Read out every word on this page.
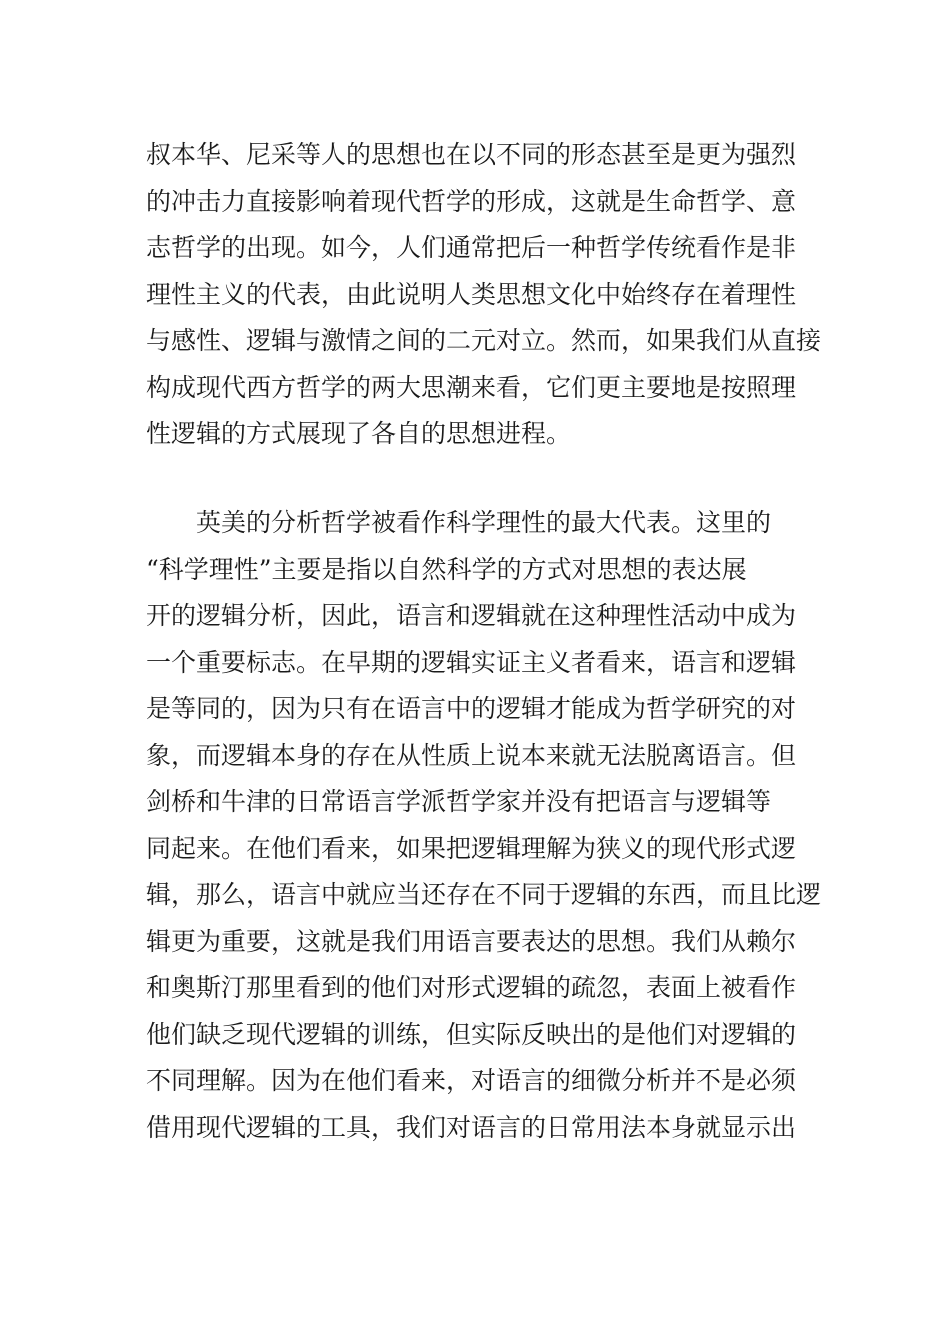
叔本华、尼采等人的思想也在以不同的形态甚至是更为强烈
的冲击力直接影响着现代哲学的形成，这就是生命哲学、意
志哲学的出现。如今，人们通常把后一种哲学传统看作是非
理性主义的代表，由此说明人类思想文化中始终存在着理性
与感性、逻辑与激情之间的二元对立。然而，如果我们从直接
构成现代西方哲学的两大思潮来看，它们更主要地是按照理
性逻辑的方式展现了各自的思想进程。
　　英美的分析哲学被看作科学理性的最大代表。这里的
“科学理性”主要是指以自然科学的方式对思想的表达展
开的逻辑分析，因此，语言和逻辑就在这种理性活动中成为
一个重要标志。在早期的逻辑实证主义者看来，语言和逻辑
是等同的，因为只有在语言中的逻辑才能成为哲学研究的对
象，而逻辑本身的存在从性质上说本来就无法脱离语言。但
剑桥和牛津的日常语言学派哲学家并没有把语言与逻辑等
同起来。在他们看来，如果把逻辑理解为狭义的现代形式逻
辑，那么，语言中就应当还存在不同于逻辑的东西，而且比逻
辑更为重要，这就是我们用语言要表达的思想。我们从赖尔
和奥斯汀那里看到的他们对形式逻辑的疏忽，表面上被看作
他们缺乏现代逻辑的训练，但实际反映出的是他们对逻辑的
不同理解。因为在他们看来，对语言的细微分析并不是必须
借用现代逻辑的工具，我们对语言的日常用法本身就显示出
